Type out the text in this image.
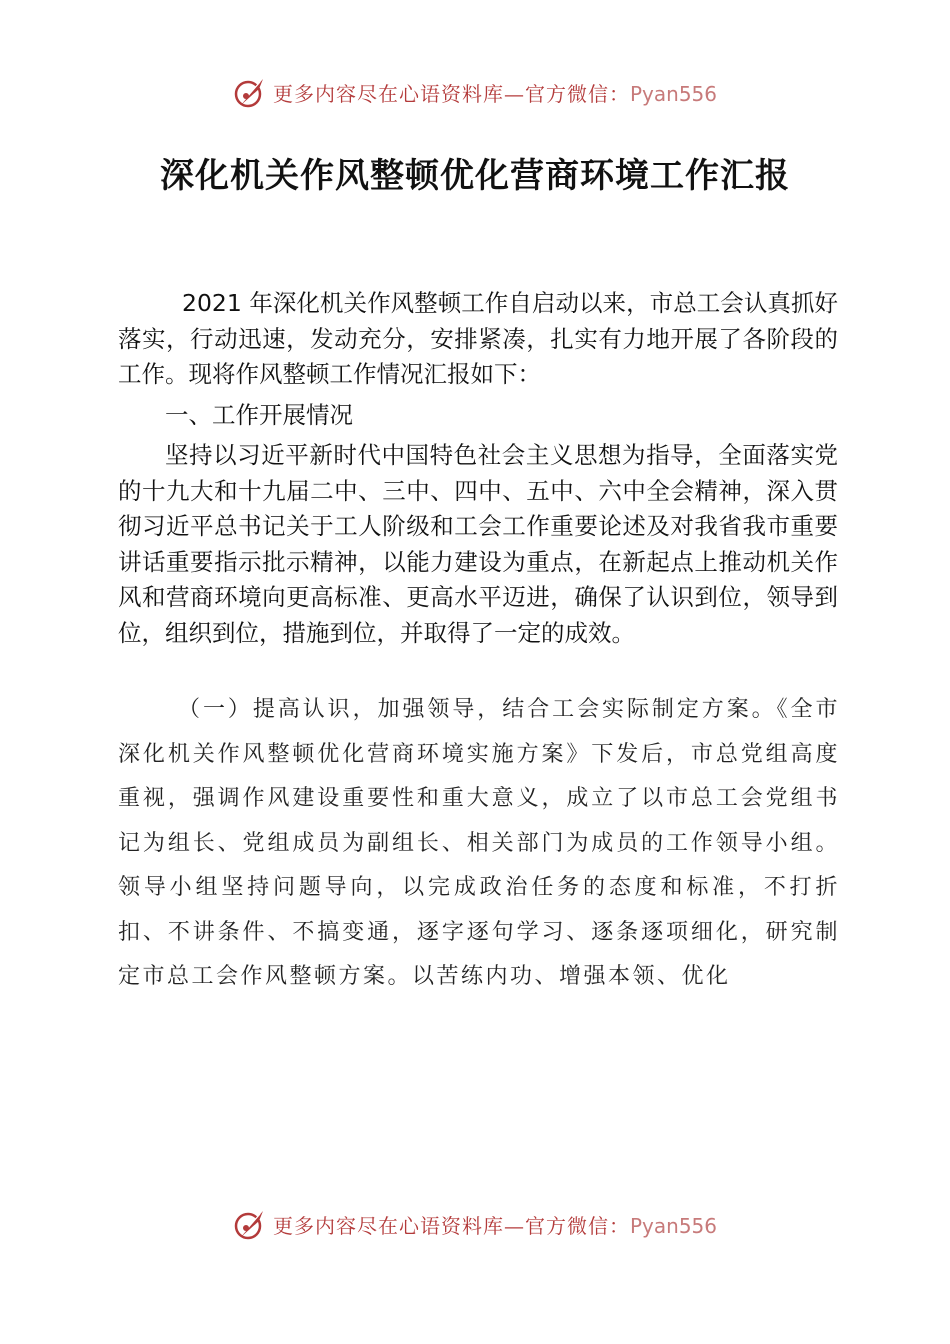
更多内容尽在心语资料库—官方微信：Pyan556
深化机关作风整顿优化营商环境工作汇报

2021 年深化机关作风整顿工作自启动以来，市总工会认真抓好落实，行动迅速，发动充分，安排紧凑，扎实有力地开展了各阶段的工作。现将作风整顿工作情况汇报如下：

一、工作开展情况

坚持以习近平新时代中国特色社会主义思想为指导，全面落实党的十九大和十九届二中、三中、四中、五中、六中全会精神，深入贯彻习近平总书记关于工人阶级和工会工作重要论述及对我省我市重要讲话重要指示批示精神，以能力建设为重点，在新起点上推动机关作风和营商环境向更高标准、更高水平迈进，确保了认识到位，领导到位，组织到位，措施到位，并取得了一定的成效。

（一）提高认识，加强领导，结合工会实际制定方案。《全市深化机关作风整顿优化营商环境实施方案》下发后，市总党组高度重视，强调作风建设重要性和重大意义，成立了以市总工会党组书记为组长、党组成员为副组长、相关部门为成员的工作领导小组。领导小组坚持问题导向，以完成政治任务的态度和标准，不打折扣、不讲条件、不搞变通，逐字逐句学习、逐条逐项细化，研究制定市总工会作风整顿方案。以苦练内功、增强本领、优化

更多内容尽在心语资料库—官方微信：Pyan556
